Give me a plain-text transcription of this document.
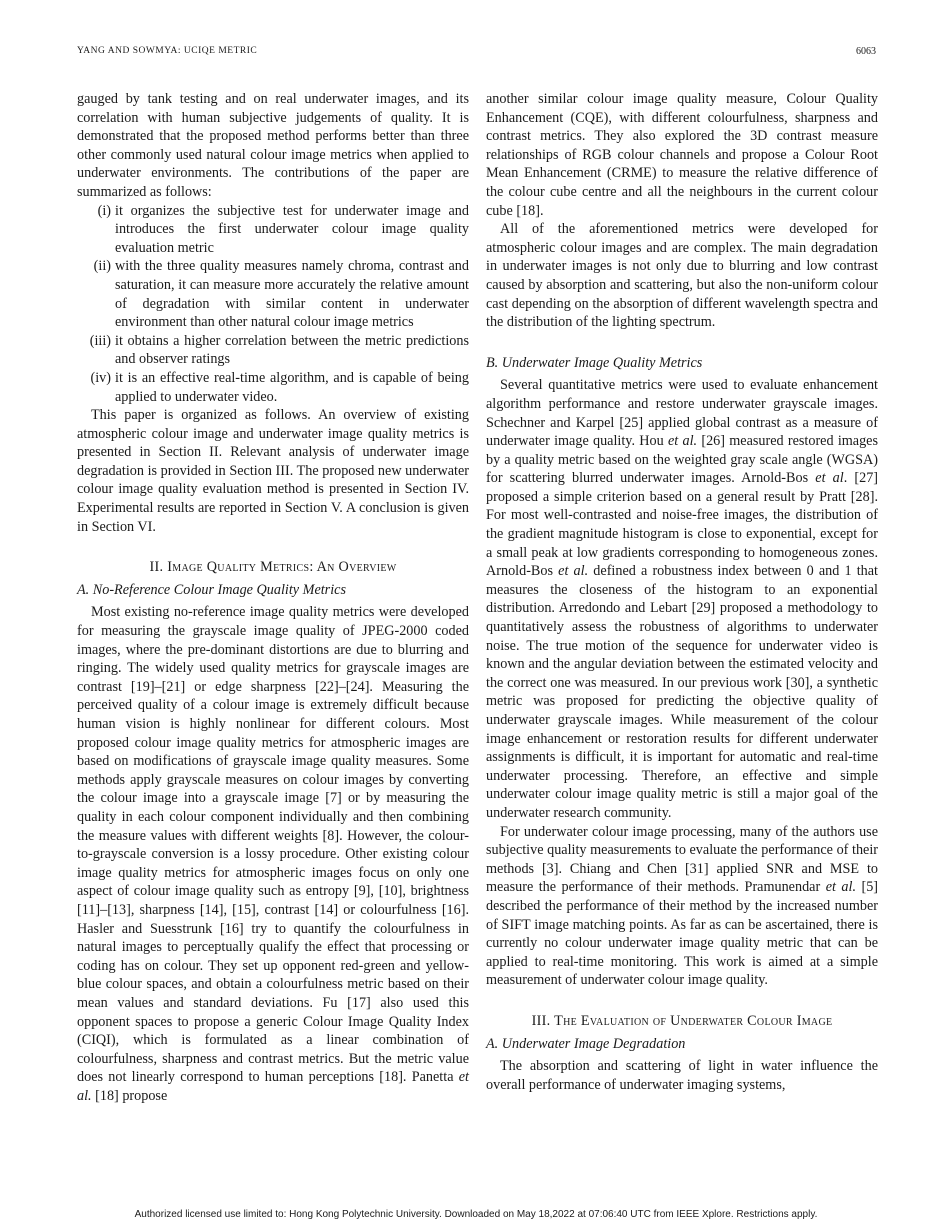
YANG AND SOWMYA: UCIQE METRIC	6063

gauged by tank testing and on real underwater images, and its correlation with human subjective judgements of quality. It is demonstrated that the proposed method performs better than three other commonly used natural colour image metrics when applied to underwater environments. The contributions of the paper are summarized as follows:

(i) it organizes the subjective test for underwater image and introduces the first underwater colour image quality evaluation metric
(ii) with the three quality measures namely chroma, contrast and saturation, it can measure more accurately the relative amount of degradation with similar content in underwater environment than other natural colour image metrics
(iii) it obtains a higher correlation between the metric predictions and observer ratings
(iv) it is an effective real-time algorithm, and is capable of being applied to underwater video.

This paper is organized as follows. An overview of existing atmospheric colour image and underwater image quality metrics is presented in Section II. Relevant analysis of underwater image degradation is provided in Section III. The proposed new underwater colour image quality evaluation method is presented in Section IV. Experimental results are reported in Section V. A conclusion is given in Section VI.

II. Image Quality Metrics: An Overview
A. No-Reference Colour Image Quality Metrics

Most existing no-reference image quality metrics were developed for measuring the grayscale image quality of JPEG-2000 coded images, where the pre-dominant distortions are due to blurring and ringing. The widely used quality metrics for grayscale images are contrast [19]–[21] or edge sharpness [22]–[24]. Measuring the perceived quality of a colour image is extremely difficult because human vision is highly nonlinear for different colours. Most proposed colour image quality metrics for atmospheric images are based on modifications of grayscale image quality measures. Some methods apply grayscale measures on colour images by converting the colour image into a grayscale image [7] or by measuring the quality in each colour component individually and then combining the measure values with different weights [8]. However, the colour-to-grayscale conversion is a lossy procedure. Other existing colour image quality metrics for atmospheric images focus on only one aspect of colour image quality such as entropy [9], [10], brightness [11]–[13], sharpness [14], [15], contrast [14] or colourfulness [16]. Hasler and Suesstrunk [16] try to quantify the colourfulness in natural images to perceptually qualify the effect that processing or coding has on colour. They set up opponent red-green and yellow-blue colour spaces, and obtain a colourfulness metric based on their mean values and standard deviations. Fu [17] also used this opponent spaces to propose a generic Colour Image Quality Index (CIQI), which is formulated as a linear combination of colourfulness, sharpness and contrast metrics. But the metric value does not linearly correspond to human perceptions [18]. Panetta et al. [18] propose

another similar colour image quality measure, Colour Quality Enhancement (CQE), with different colourfulness, sharpness and contrast metrics. They also explored the 3D contrast measure relationships of RGB colour channels and propose a Colour Root Mean Enhancement (CRME) to measure the relative difference of the colour cube centre and all the neighbours in the current colour cube [18].

All of the aforementioned metrics were developed for atmospheric colour images and are complex. The main degradation in underwater images is not only due to blurring and low contrast caused by absorption and scattering, but also the non-uniform colour cast depending on the absorption of different wavelength spectra and the distribution of the lighting spectrum.

B. Underwater Image Quality Metrics

Several quantitative metrics were used to evaluate enhancement algorithm performance and restore underwater grayscale images. Schechner and Karpel [25] applied global contrast as a measure of underwater image quality. Hou et al. [26] measured restored images by a quality metric based on the weighted gray scale angle (WGSA) for scattering blurred underwater images. Arnold-Bos et al. [27] proposed a simple criterion based on a general result by Pratt [28]. For most well-contrasted and noise-free images, the distribution of the gradient magnitude histogram is close to exponential, except for a small peak at low gradients corresponding to homogeneous zones. Arnold-Bos et al. defined a robustness index between 0 and 1 that measures the closeness of the histogram to an exponential distribution. Arredondo and Lebart [29] proposed a methodology to quantitatively assess the robustness of algorithms to underwater noise. The true motion of the sequence for underwater video is known and the angular deviation between the estimated velocity and the correct one was measured. In our previous work [30], a synthetic metric was proposed for predicting the objective quality of underwater grayscale images. While measurement of the colour image enhancement or restoration results for different underwater assignments is difficult, it is important for automatic and real-time underwater processing. Therefore, an effective and simple underwater colour image quality metric is still a major goal of the underwater research community.

For underwater colour image processing, many of the authors use subjective quality measurements to evaluate the performance of their methods [3]. Chiang and Chen [31] applied SNR and MSE to measure the performance of their methods. Pramunendar et al. [5] described the performance of their method by the increased number of SIFT image matching points. As far as can be ascertained, there is currently no colour underwater image quality metric that can be applied to real-time monitoring. This work is aimed at a simple measurement of underwater colour image quality.

III. The Evaluation of Underwater Colour Image
A. Underwater Image Degradation

The absorption and scattering of light in water influence the overall performance of underwater imaging systems,

Authorized licensed use limited to: Hong Kong Polytechnic University. Downloaded on May 18,2022 at 07:06:40 UTC from IEEE Xplore. Restrictions apply.
